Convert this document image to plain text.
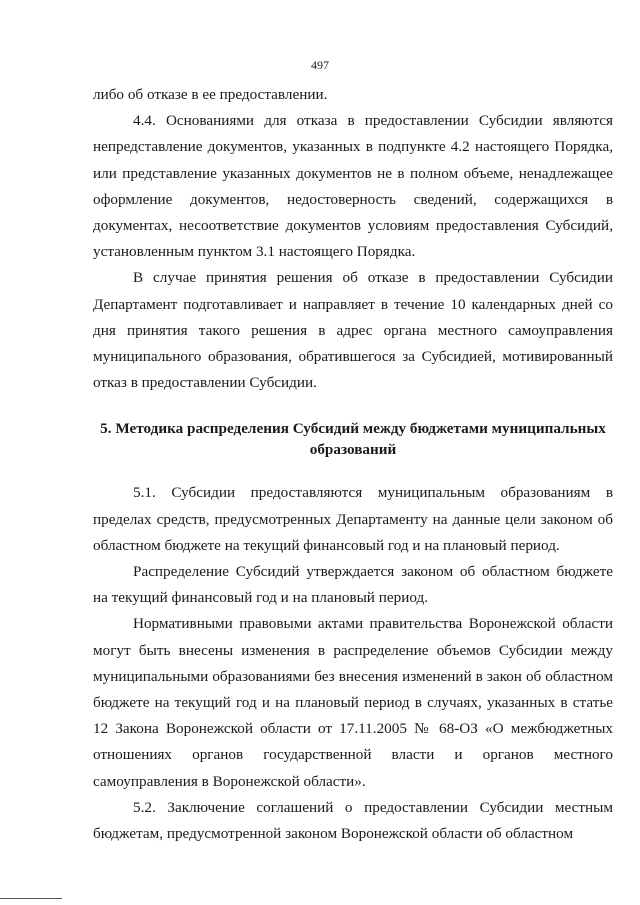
497

либо об отказе в ее предоставлении.

4.4. Основаниями для отказа в предоставлении Субсидии являются непредставление документов, указанных в подпункте 4.2 настоящего Порядка, или представление указанных документов не в полном объеме, ненадлежащее оформление документов, недостоверность сведений, содержащихся в документах, несоответствие документов условиям предоставления Субсидий, установленным пунктом 3.1 настоящего Порядка.

В случае принятия решения об отказе в предоставлении Субсидии Департамент подготавливает и направляет в течение 10 календарных дней со дня принятия такого решения в адрес органа местного самоуправления муниципального образования, обратившегося за Субсидией, мотивированный отказ в предоставлении Субсидии.

5. Методика распределения Субсидий между бюджетами муниципальных образований

5.1. Субсидии предоставляются муниципальным образованиям в пределах средств, предусмотренных Департаменту на данные цели законом об областном бюджете на текущий финансовый год и на плановый период.

Распределение Субсидий утверждается законом об областном бюджете на текущий финансовый год и на плановый период.

Нормативными правовыми актами правительства Воронежской области могут быть внесены изменения в распределение объемов Субсидии между муниципальными образованиями без внесения изменений в закон об областном бюджете на текущий год и на плановый период в случаях, указанных в статье 12 Закона Воронежской области от 17.11.2005 № 68-ОЗ «О межбюджетных отношениях органов государственной власти и органов местного самоуправления в Воронежской области».

5.2. Заключение соглашений о предоставлении Субсидии местным бюджетам, предусмотренной законом Воронежской области об областном
